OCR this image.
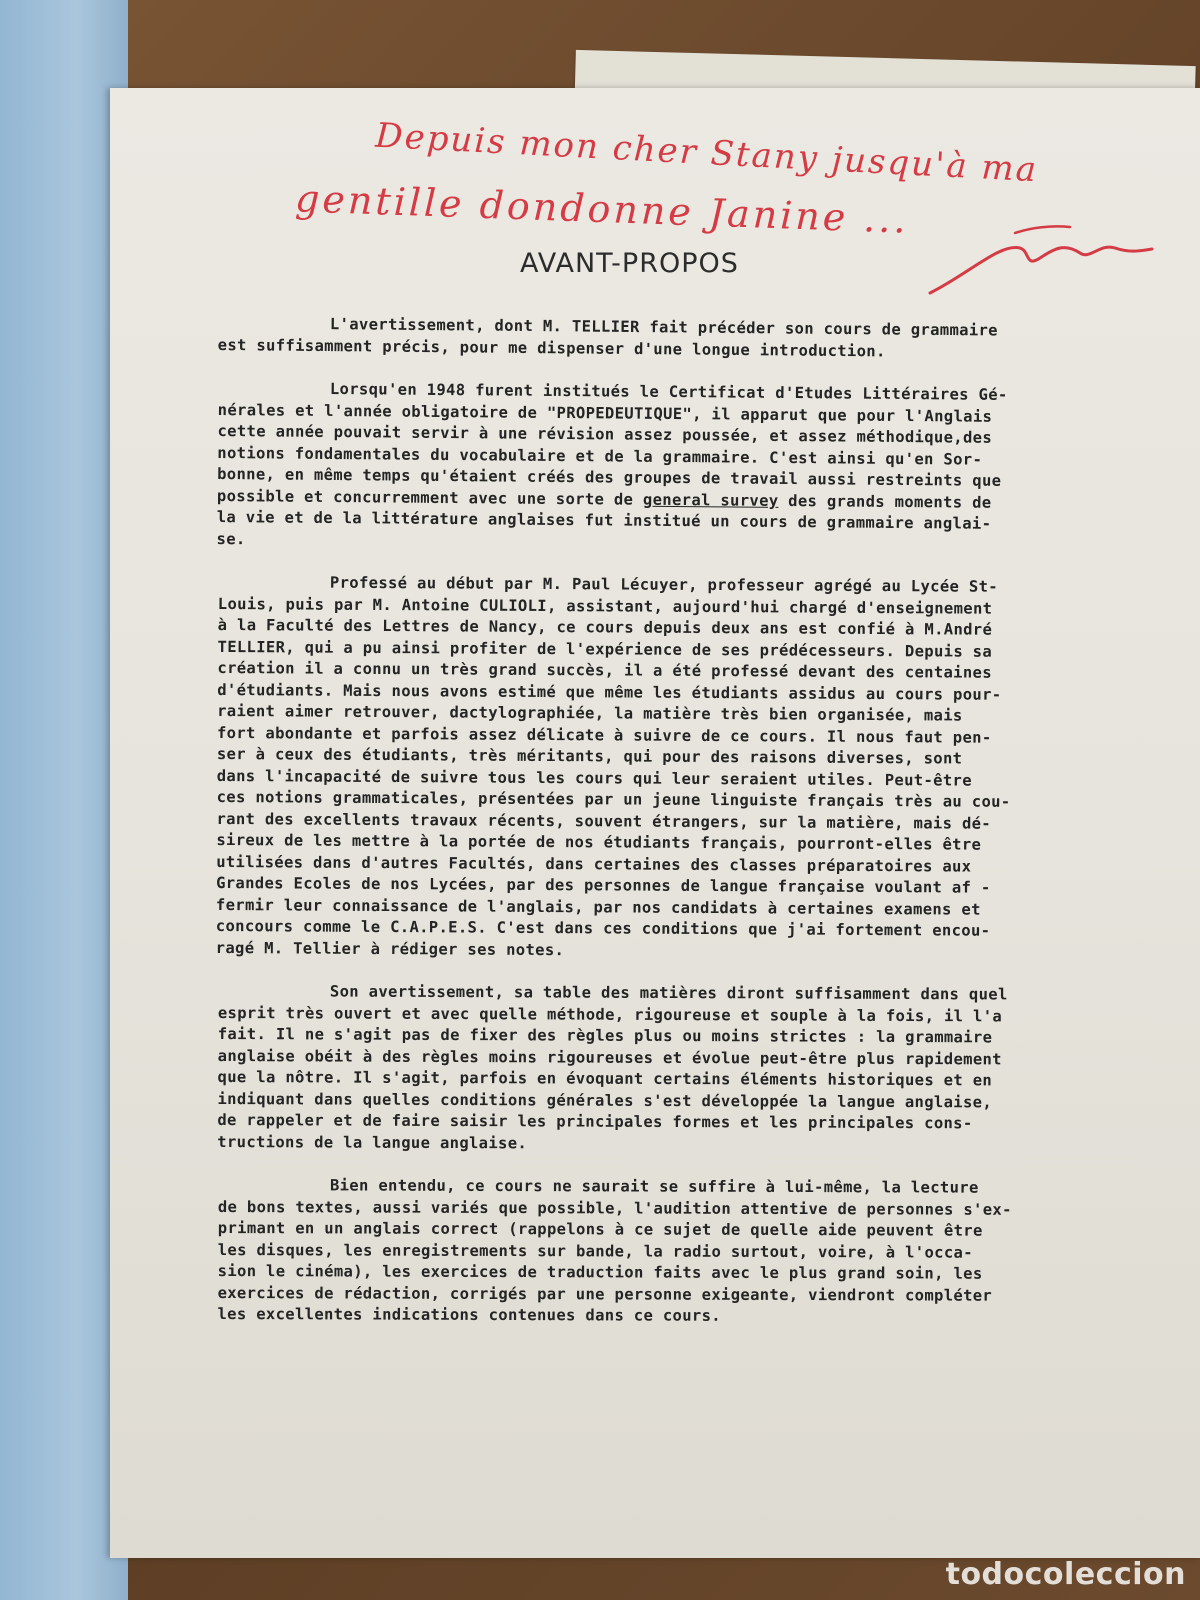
Depuis mon cher Stany jusqu'à ma
gentille dondonne Janine ...
AVANT-PROPOS
L'avertissement, dont M. TELLIER fait précéder son cours de grammaire
est suffisamment précis, pour me dispenser d'une longue introduction.
Lorsqu'en 1948 furent institués le Certificat d'Etudes Littéraires Gé-
nérales et l'année obligatoire de "PROPEDEUTIQUE", il apparut que pour l'Anglais
cette année pouvait servir à une révision assez poussée, et assez méthodique,des
notions fondamentales du vocabulaire et de la grammaire. C'est ainsi qu'en Sor-
bonne, en même temps qu'étaient créés des groupes de travail aussi restreints que
possible et concurremment avec une sorte de general survey des grands moments de
la vie et de la littérature anglaises fut institué un cours de grammaire anglai-
se.
Professé au début par M. Paul Lécuyer, professeur agrégé au Lycée St-
Louis, puis par M. Antoine CULIOLI, assistant, aujourd'hui chargé d'enseignement
à la Faculté des Lettres de Nancy, ce cours depuis deux ans est confié à M.André
TELLIER, qui a pu ainsi profiter de l'expérience de ses prédécesseurs. Depuis sa
création il a connu un très grand succès, il a été professé devant des centaines
d'étudiants. Mais nous avons estimé que même les étudiants assidus au cours pour-
raient aimer retrouver, dactylographiée, la matière très bien organisée, mais
fort abondante et parfois assez délicate à suivre de ce cours. Il nous faut pen-
ser à ceux des étudiants, très méritants, qui pour des raisons diverses, sont
dans l'incapacité de suivre tous les cours qui leur seraient utiles. Peut-être
ces notions grammaticales, présentées par un jeune linguiste français très au cou-
rant des excellents travaux récents, souvent étrangers, sur la matière, mais dé-
sireux de les mettre à la portée de nos étudiants français, pourront-elles être
utilisées dans d'autres Facultés, dans certaines des classes préparatoires aux
Grandes Ecoles de nos Lycées, par des personnes de langue française voulant af -
fermir leur connaissance de l'anglais, par nos candidats à certaines examens et
concours comme le C.A.P.E.S. C'est dans ces conditions que j'ai fortement encou-
ragé M. Tellier à rédiger ses notes.
Son avertissement, sa table des matières diront suffisamment dans quel
esprit très ouvert et avec quelle méthode, rigoureuse et souple à la fois, il l'a
fait. Il ne s'agit pas de fixer des règles plus ou moins strictes : la grammaire
anglaise obéit à des règles moins rigoureuses et évolue peut-être plus rapidement
que la nôtre. Il s'agit, parfois en évoquant certains éléments historiques et en
indiquant dans quelles conditions générales s'est développée la langue anglaise,
de rappeler et de faire saisir les principales formes et les principales cons-
tructions de la langue anglaise.
Bien entendu, ce cours ne saurait se suffire à lui-même, la lecture
de bons textes, aussi variés que possible, l'audition attentive de personnes s'ex-
primant en un anglais correct (rappelons à ce sujet de quelle aide peuvent être
les disques, les enregistrements sur bande, la radio surtout, voire, à l'occa-
sion le cinéma), les exercices de traduction faits avec le plus grand soin, les
exercices de rédaction, corrigés par une personne exigeante, viendront compléter
les excellentes indications contenues dans ce cours.
todocoleccion
